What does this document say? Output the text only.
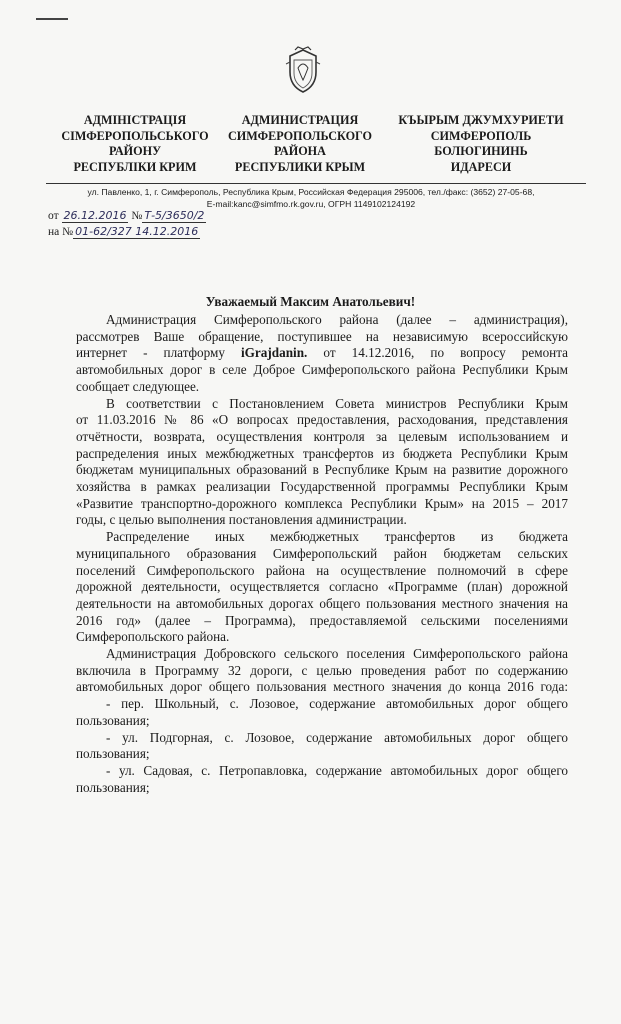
АДМІНІСТРАЦІЯ
СІМФЕРОПОЛЬСЬКОГО
РАЙОНУ
РЕСПУБЛІКИ КРИМ
АДМИНИСТРАЦИЯ
СИМФЕРОПОЛЬСКОГО
РАЙОНА
РЕСПУБЛИКИ КРЫМ
КЪЫРЫМ ДЖУМХУРИЕТИ
СИМФЕРОПОЛЬ
БОЛЮГИНИНЬ
ИДАРЕСИ
ул. Павленко, 1, г. Симферополь, Республика Крым, Российская Федерация 295006, тел./факс: (3652) 27-05-68,
E-mail:kanc@simfmo.rk.gov.ru, ОГРН 1149102124192
от 26.12.2016 № Т-5/3650/2
на № 01-62/327 14.12.2016
Уважаемый Максим Анатольевич!
Администрация Симферопольского района (далее – администрация),
рассмотрев Ваше обращение, поступившее на независимую всероссийскую
интернет - платформу iGrajdanin. от 14.12.2016, по вопросу ремонта
автомобильных дорог в селе Доброе Симферопольского района Республики Крым
сообщает следующее.
В соответствии с Постановлением Совета министров Республики Крым
от 11.03.2016 № 86 «О вопросах предоставления, расходования, представления
отчётности, возврата, осуществления контроля за целевым использованием и
распределения иных межбюджетных трансфертов из бюджета Республики Крым
бюджетам муниципальных образований в Республике Крым на развитие дорожного
хозяйства в рамках реализации Государственной программы Республики Крым
«Развитие транспортно-дорожного комплекса Республики Крым» на 2015 – 2017
годы, с целью выполнения постановления администрации.
Распределение иных межбюджетных трансфертов из бюджета
муниципального образования Симферопольский район бюджетам сельских
поселений Симферопольского района на осуществление полномочий в сфере
дорожной деятельности, осуществляется согласно «Программе (план) дорожной
деятельности на автомобильных дорогах общего пользования местного значения на
2016 год» (далее – Программа), предоставляемой сельскими поселениями
Симферопольского района.
Администрация Добровского сельского поселения Симферопольского района
включила в Программу 32 дороги, с целью проведения работ по содержанию
автомобильных дорог общего пользования местного значения до конца 2016 года:
- пер. Школьный, с. Лозовое, содержание автомобильных дорог общего
пользования;
- ул. Подгорная, с. Лозовое, содержание автомобильных дорог общего
пользования;
- ул. Садовая, с. Петропавловка, содержание автомобильных дорог общего
пользования;
